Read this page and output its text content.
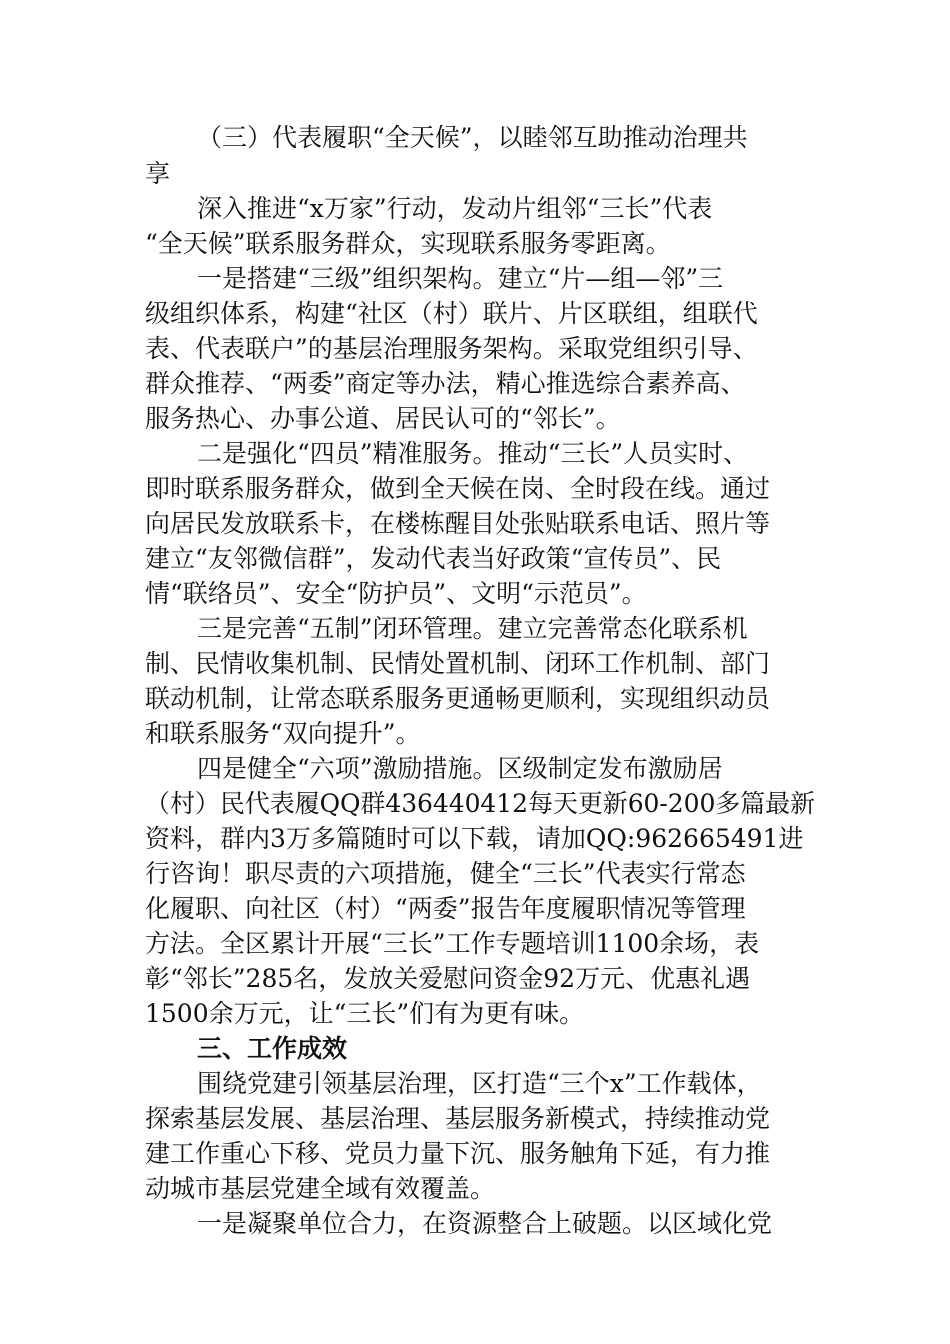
（三）代表履职“全天候”，以睦邻互助推动治理共
享
深入推进“x万家”行动，发动片组邻“三长”代表
“全天候”联系服务群众，实现联系服务零距离。
一是搭建“三级”组织架构。建立“片—组—邻”三
级组织体系，构建“社区（村）联片、片区联组，组联代
表、代表联户”的基层治理服务架构。采取党组织引导、
群众推荐、“两委”商定等办法，精心推选综合素养高、
服务热心、办事公道、居民认可的“邻长”。
二是强化“四员”精准服务。推动“三长”人员实时、
即时联系服务群众，做到全天候在岗、全时段在线。通过
向居民发放联系卡，在楼栋醒目处张贴联系电话、照片等
建立“友邻微信群”，发动代表当好政策“宣传员”、民
情“联络员”、安全“防护员”、文明“示范员”。
三是完善“五制”闭环管理。建立完善常态化联系机
制、民情收集机制、民情处置机制、闭环工作机制、部门
联动机制，让常态联系服务更通畅更顺利，实现组织动员
和联系服务“双向提升”。
四是健全“六项”激励措施。区级制定发布激励居
（村）民代表履QQ群436440412每天更新60-200多篇最新
资料，群内3万多篇随时可以下载，请加QQ:962665491进
行咨询！职尽责的六项措施，健全“三长”代表实行常态
化履职、向社区（村）“两委”报告年度履职情况等管理
方法。全区累计开展“三长”工作专题培训1100余场，表
彰“邻长”285名，发放关爱慰问资金92万元、优惠礼遇
1500余万元，让“三长”们有为更有味。
三、工作成效
围绕党建引领基层治理，区打造“三个x”工作载体，
探索基层发展、基层治理、基层服务新模式，持续推动党
建工作重心下移、党员力量下沉、服务触角下延，有力推
动城市基层党建全域有效覆盖。
一是凝聚单位合力，在资源整合上破题。以区域化党
